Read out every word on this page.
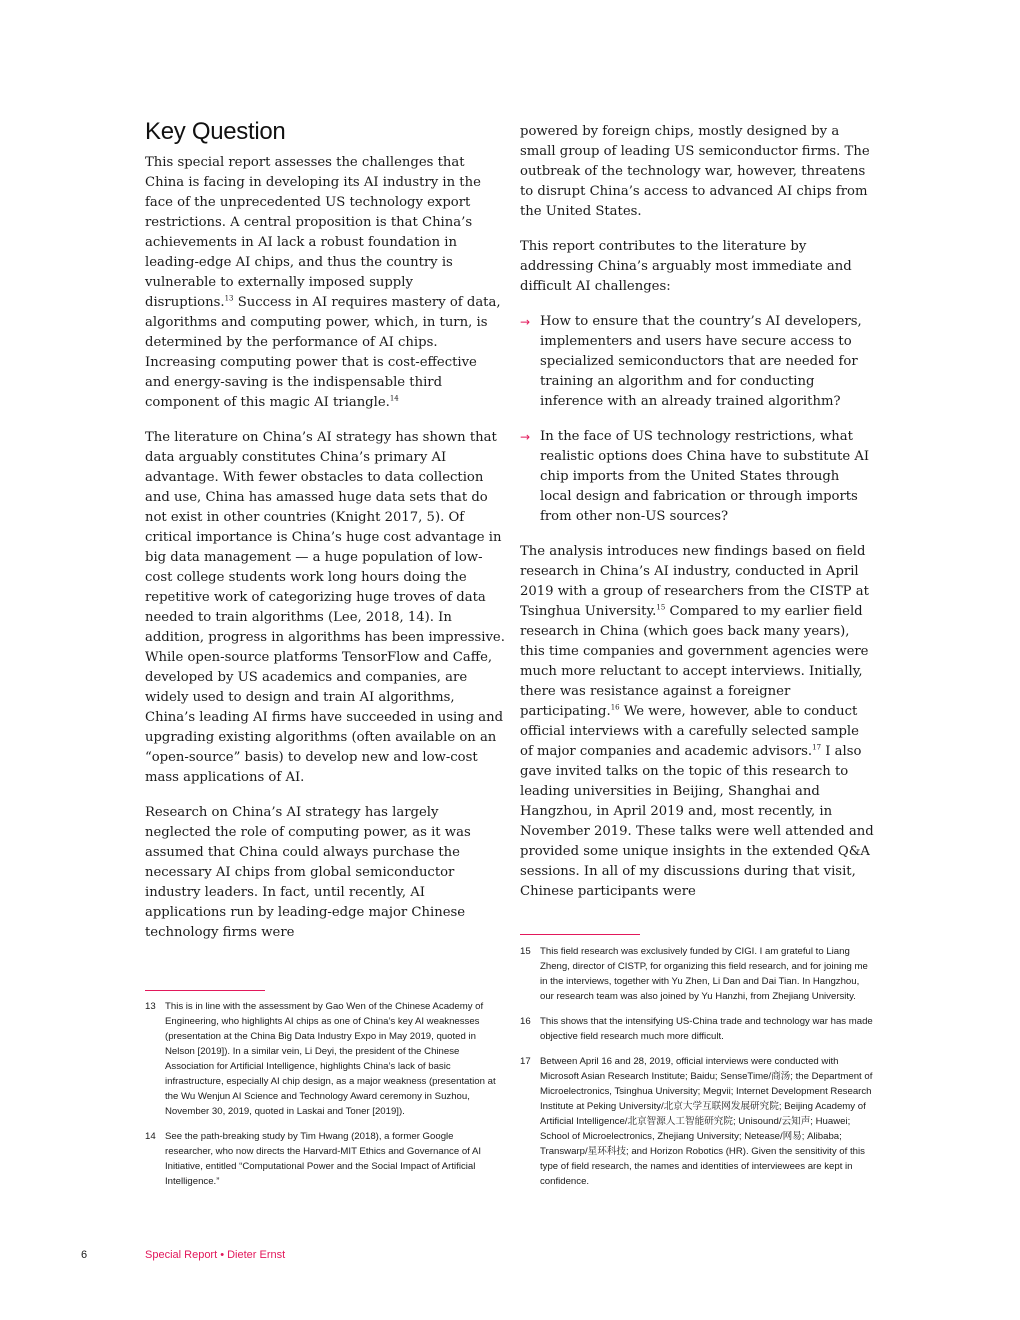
Key Question

This special report assesses the challenges that China is facing in developing its AI industry in the face of the unprecedented US technology export restrictions. A central proposition is that China’s achievements in AI lack a robust foundation in leading-edge AI chips, and thus the country is vulnerable to externally imposed supply disruptions.$^{13}$ Success in AI requires mastery of data, algorithms and computing power, which, in turn, is determined by the performance of AI chips. Increasing computing power that is cost-effective and energy-saving is the indispensable third component of this magic AI triangle.$^{14}$

The literature on China’s AI strategy has shown that data arguably constitutes China’s primary AI advantage. With fewer obstacles to data collection and use, China has amassed huge data sets that do not exist in other countries (Knight 2017, 5). Of critical importance is China’s huge cost advantage in big data management — a huge population of low-cost college students work long hours doing the repetitive work of categorizing huge troves of data needed to train algorithms (Lee, 2018, 14). In addition, progress in algorithms has been impressive. While open-source platforms TensorFlow and Caffe, developed by US academics and companies, are widely used to design and train AI algorithms, China’s leading AI firms have succeeded in using and upgrading existing algorithms (often available on an “open-source” basis) to develop new and low-cost mass applications of AI.

Research on China’s AI strategy has largely neglected the role of computing power, as it was assumed that China could always purchase the necessary AI chips from global semiconductor industry leaders. In fact, until recently, AI applications run by leading-edge major Chinese technology firms were

powered by foreign chips, mostly designed by a small group of leading US semiconductor firms. The outbreak of the technology war, however, threatens to disrupt China’s access to advanced AI chips from the United States.

This report contributes to the literature by addressing China’s arguably most immediate and difficult AI challenges:

→ How to ensure that the country’s AI developers, implementers and users have secure access to specialized semiconductors that are needed for training an algorithm and for conducting inference with an already trained algorithm?
→ In the face of US technology restrictions, what realistic options does China have to substitute AI chip imports from the United States through local design and fabrication or through imports from other non-US sources?

The analysis introduces new findings based on field research in China’s AI industry, conducted in April 2019 with a group of researchers from the CISTP at Tsinghua University.$^{15}$ Compared to my earlier field research in China (which goes back many years), this time companies and government agencies were much more reluctant to accept interviews. Initially, there was resistance against a foreigner participating.$^{16}$ We were, however, able to conduct official interviews with a carefully selected sample of major companies and academic advisors.$^{17}$ I also gave invited talks on the topic of this research to leading universities in Beijing, Shanghai and Hangzhou, in April 2019 and, most recently, in November 2019. These talks were well attended and provided some unique insights in the extended Q&A sessions. In all of my discussions during that visit, Chinese participants were

13 This is in line with the assessment by Gao Wen of the Chinese Academy of Engineering, who highlights AI chips as one of China’s key AI weaknesses (presentation at the China Big Data Industry Expo in May 2019, quoted in Nelson [2019]). In a similar vein, Li Deyi, the president of the Chinese Association for Artificial Intelligence, highlights China’s lack of basic infrastructure, especially AI chip design, as a major weakness (presentation at the Wu Wenjun AI Science and Technology Award ceremony in Suzhou, November 30, 2019, quoted in Laskai and Toner [2019]).
14 See the path-breaking study by Tim Hwang (2018), a former Google researcher, who now directs the Harvard-MIT Ethics and Governance of AI Initiative, entitled “Computational Power and the Social Impact of Artificial Intelligence.”
15 This field research was exclusively funded by CIGI. I am grateful to Liang Zheng, director of CISTP, for organizing this field research, and for joining me in the interviews, together with Yu Zhen, Li Dan and Dai Tian. In Hangzhou, our research team was also joined by Yu Hanzhi, from Zhejiang University.
16 This shows that the intensifying US-China trade and technology war has made objective field research much more difficult.
17 Between April 16 and 28, 2019, official interviews were conducted with Microsoft Asian Research Institute; Baidu; SenseTime/商汤; the Department of Microelectronics, Tsinghua University; Megvii; Internet Development Research Institute at Peking University/北京大学互联网发展研究院; Beijing Academy of Artificial Intelligence/北京智源人工智能研究院; Unisound/云知声; Huawei; School of Microelectronics, Zhejiang University; Netease/网易; Alibaba; Transwarp/星环科技; and Horizon Robotics (HR). Given the sensitivity of this type of field research, the names and identities of interviewees are kept in confidence.
6	Special Report • Dieter Ernst
